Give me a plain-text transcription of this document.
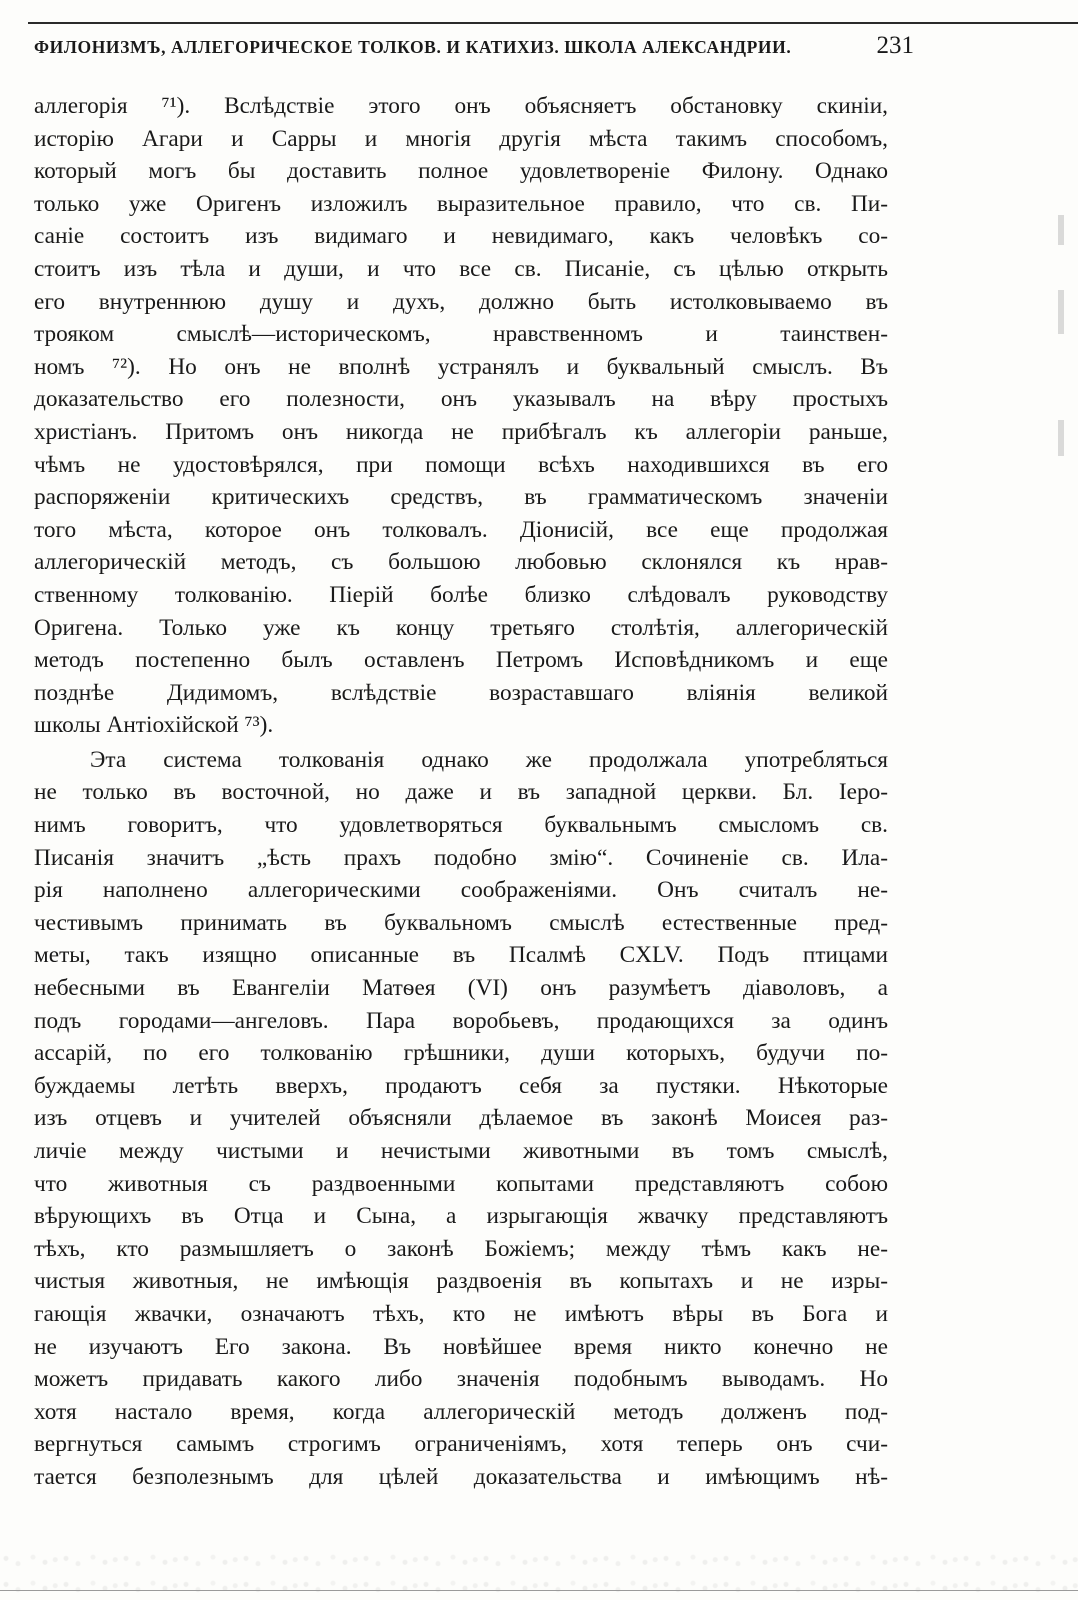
ФИЛОНИЗМЪ, АЛЛЕГОРИЧЕСКОЕ ТОЛКОВ. И КАТИХИЗ. ШКОЛА АЛЕКСАНДРИИ.	231
аллегорія ⁷¹). Вслѣдствіе этого онъ объясняетъ обстановку скиніи,
исторію Агари и Сарры и многія другія мѣста такимъ способомъ,
который могъ бы доставить полное удовлетвореніе Филону. Однако
только уже Оригенъ изложилъ выразительное правило, что св. Пи-
саніе состоитъ изъ видимаго и невидимаго, какъ человѣкъ со-
стоитъ изъ тѣла и души, и что все св. Писаніе, съ цѣлью открыть
его внутреннюю душу и духъ, должно быть истолковываемо въ
трояком смыслѣ—историческомъ, нравственномъ и таинствен-
номъ ⁷²). Но онъ не вполнѣ устранялъ и буквальный смыслъ. Въ
доказательство его полезности, онъ указывалъ на вѣру простыхъ
христіанъ. Притомъ онъ никогда не прибѣгалъ къ аллегоріи раньше,
чѣмъ не удостовѣрялся, при помощи всѣхъ находившихся въ его
распоряженіи критическихъ средствъ, въ грамматическомъ значеніи
того мѣста, которое онъ толковалъ. Діонисій, все еще продолжая
аллегорическій методъ, съ большою любовью склонялся къ нрав-
ственному толкованію. Піерій болѣе близко слѣдовалъ руководству
Оригена. Только уже къ концу третьяго столѣтія, аллегорическій
методъ постепенно былъ оставленъ Петромъ Исповѣдникомъ и еще
позднѣе Дидимомъ, вслѣдствіе возраставшаго вліянія великой
школы Антіохійской ⁷³).
Эта система толкованія однако же продолжала употребляться
не только въ восточной, но даже и въ западной церкви. Бл. Іеро-
нимъ говоритъ, что удовлетворяться буквальнымъ смысломъ св.
Писанія значитъ „ѣсть прахъ подобно змію“. Сочиненіе св. Ила-
рія наполнено аллегорическими соображеніями. Онъ считалъ не-
честивымъ принимать въ буквальномъ смыслѣ естественные пред-
меты, такъ изящно описанные въ Псалмѣ CXLV. Подъ птицами
небесными въ Евангеліи Матѳея (VI) онъ разумѣетъ діаволовъ, а
подъ городами—ангеловъ. Пара воробьевъ, продающихся за одинъ
ассарій, по его толкованію грѣшники, души которыхъ, будучи по-
буждаемы летѣть вверхъ, продаютъ себя за пустяки. Нѣкоторые
изъ отцевъ и учителей объясняли дѣлаемое въ законѣ Моисея раз-
личіе между чистыми и нечистыми животными въ томъ смыслѣ,
что животныя съ раздвоенными копытами представляютъ собою
вѣрующихъ въ Отца и Сына, а изрыгающія жвачку представляютъ
тѣхъ, кто размышляетъ о законѣ Божіемъ; между тѣмъ какъ не-
чистыя животныя, не имѣющія раздвоенія въ копытахъ и не изры-
гающія жвачки, означаютъ тѣхъ, кто не имѣютъ вѣры въ Бога и
не изучаютъ Его закона. Въ новѣйшее время никто конечно не
можетъ придавать какого либо значенія подобнымъ выводамъ. Но
хотя настало время, когда аллегорическій методъ долженъ под-
вергнуться самымъ строгимъ ограниченіямъ, хотя теперь онъ счи-
тается безполезнымъ для цѣлей доказательства и имѣющимъ нѣ-
